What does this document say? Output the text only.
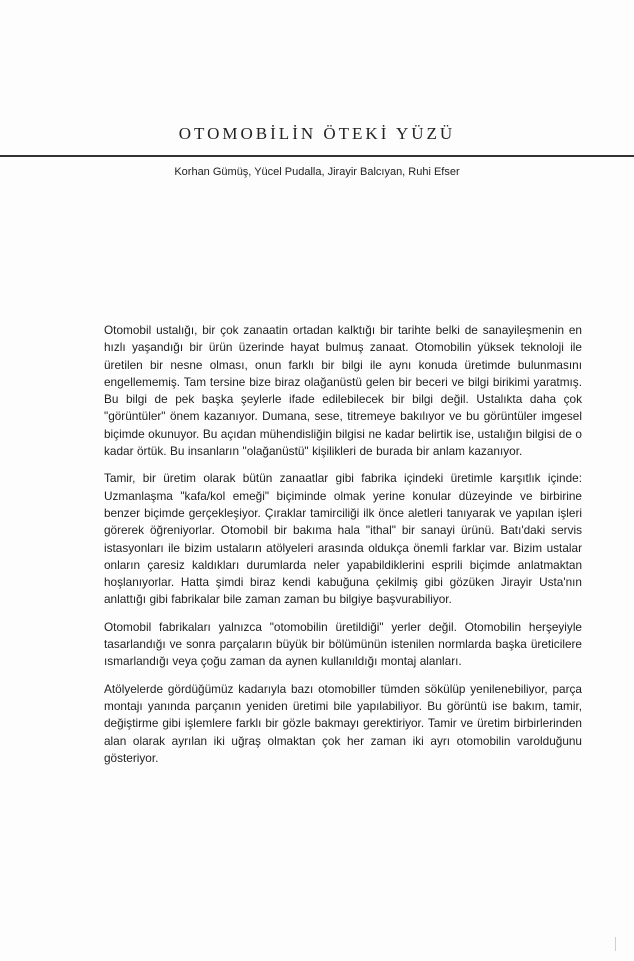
OTOMOBİLİN ÖTEKİ YÜZÜ

Korhan Gümüş, Yücel Pudalla, Jirayir Balcıyan, Ruhi Efser

Otomobil ustalığı, bir çok zanaatin ortadan kalktığı bir tarihte belki de sanayileşmenin en hızlı yaşandığı bir ürün üzerinde hayat bulmuş zanaat. Otomobilin yüksek teknoloji ile üretilen bir nesne olması, onun farklı bir bilgi ile aynı konuda üretimde bulunmasını engellememiş. Tam tersine bize biraz olağanüstü gelen bir beceri ve bilgi birikimi yaratmış. Bu bilgi de pek başka şeylerle ifade edilebilecek bir bilgi değil. Ustalıkta daha çok "görüntüler" önem kazanıyor. Dumana, sese, titremeye bakılıyor ve bu görüntüler imgesel biçimde okunuyor. Bu açıdan mühendisliğin bilgisi ne kadar belirtik ise, ustalığın bilgisi de o kadar örtük. Bu insanların "olağanüstü" kişilikleri de burada bir anlam kazanıyor.

Tamir, bir üretim olarak bütün zanaatlar gibi fabrika içindeki üretimle karşıtlık içinde: Uzmanlaşma "kafa/kol emeği" biçiminde olmak yerine konular düzeyinde ve birbirine benzer biçimde gerçekleşiyor. Çıraklar tamirciliği ilk önce aletleri tanıyarak ve yapılan işleri görerek öğreniyorlar. Otomobil bir bakıma hala "ithal" bir sanayi ürünü. Batı'daki servis istasyonları ile bizim ustaların atölyeleri arasında oldukça önemli farklar var. Bizim ustalar onların çaresiz kaldıkları durumlarda neler yapabildiklerini esprili biçimde anlatmaktan hoşlanıyorlar. Hatta şimdi biraz kendi kabuğuna çekilmiş gibi gözüken Jirayir Usta'nın anlattığı gibi fabrikalar bile zaman zaman bu bilgiye başvurabiliyor.

Otomobil fabrikaları yalnızca "otomobilin üretildiği" yerler değil. Otomobilin herşeyiyle tasarlandığı ve sonra parçaların büyük bir bölümünün istenilen normlarda başka üreticilere ısmarlandığı veya çoğu zaman da aynen kullanıldığı montaj alanları.

Atölyelerde gördüğümüz kadarıyla bazı otomobiller tümden sökülüp yenilenebiliyor, parça montajı yanında parçanın yeniden üretimi bile yapılabiliyor. Bu görüntü ise bakım, tamir, değiştirme gibi işlemlere farklı bir gözle bakmayı gerektiriyor. Tamir ve üretim birbirlerinden alan olarak ayrılan iki uğraş olmaktan çok her zaman iki ayrı otomobilin varolduğunu gösteriyor.
